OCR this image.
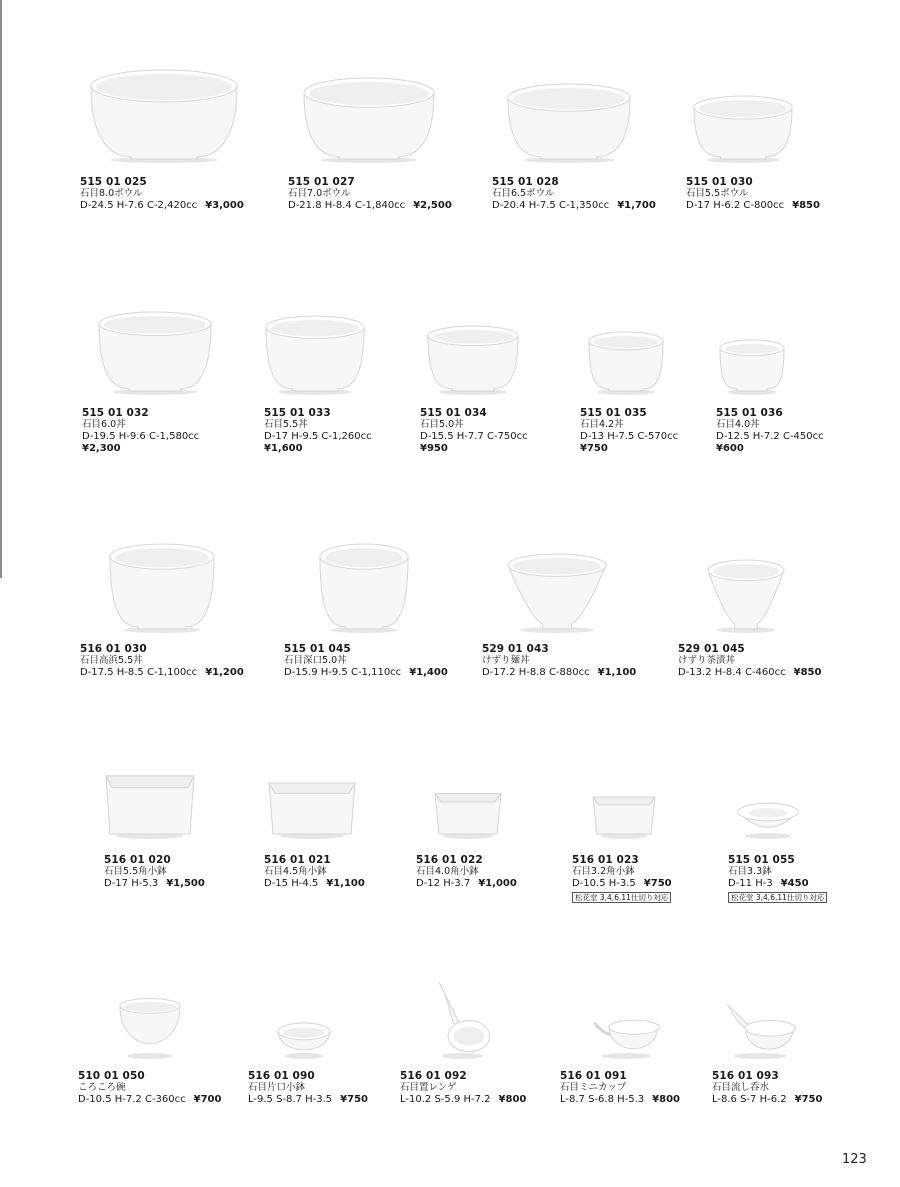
515 01 025
石目8.0ボウル
D-24.5 H-7.6 C-2,420cc ¥3,000
515 01 027
石目7.0ボウル
D-21.8 H-8.4 C-1,840cc ¥2,500
515 01 028
石目6.5ボウル
D-20.4 H-7.5 C-1,350cc ¥1,700
515 01 030
石目5.5ボウル
D-17 H-6.2 C-800cc ¥850
515 01 032
石目6.0丼
D-19.5 H-9.6 C-1,580cc
¥2,300
515 01 033
石目5.5丼
D-17 H-9.5 C-1,260cc
¥1,600
515 01 034
石目5.0丼
D-15.5 H-7.7 C-750cc
¥950
515 01 035
石目4.2丼
D-13 H-7.5 C-570cc
¥750
515 01 036
石目4.0丼
D-12.5 H-7.2 C-450cc
¥600
516 01 030
石目高浜5.5丼
D-17.5 H-8.5 C-1,100cc ¥1,200
515 01 045
石目深口5.0丼
D-15.9 H-9.5 C-1,110cc ¥1,400
529 01 043
けずり麺丼
D-17.2 H-8.8 C-880cc ¥1,100
529 01 045
けずり茶漬丼
D-13.2 H-8.4 C-460cc ¥850
516 01 020
石目5.5角小鉢
D-17 H-5.3 ¥1,500
516 01 021
石目4.5角小鉢
D-15 H-4.5 ¥1,100
516 01 022
石目4.0角小鉢
D-12 H-3.7 ¥1,000
516 01 023
石目3.2角小鉢
D-10.5 H-3.5 ¥750
松花堂 3,4,6,11仕切り対応
515 01 055
石目3.3鉢
D-11 H-3 ¥450
松花堂 3,4,6,11仕切り対応
510 01 050
ころころ碗
D-10.5 H-7.2 C-360cc ¥700
516 01 090
石目片口小鉢
L-9.5 S-8.7 H-3.5 ¥750
516 01 092
石目置レンゲ
L-10.2 S-5.9 H-7.2 ¥800
516 01 091
石目ミニカップ
L-8.7 S-6.8 H-5.3 ¥800
516 01 093
石目流し呑水
L-8.6 S-7 H-6.2 ¥750
123
